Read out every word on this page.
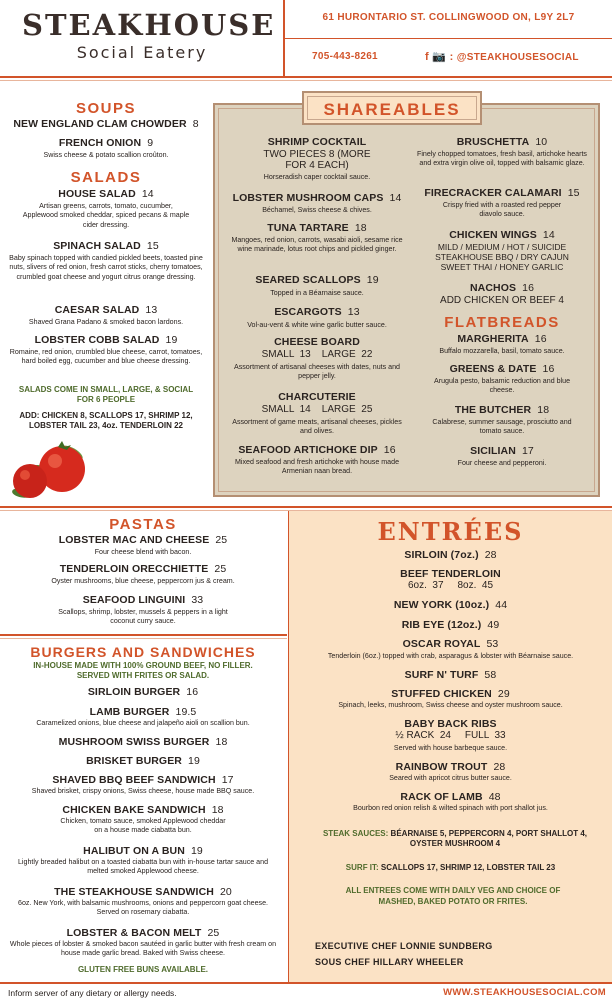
STEAKHOUSE
Social Eatery
61 HURONTARIO ST. COLLINGWOOD ON, L9Y 2L7
705-443-8261	f 📷 : @STEAKHOUSESOCIAL
SOUPS
NEW ENGLAND CLAM CHOWDER 8
FRENCH ONION 9
Swiss cheese & potato scallion croûton.
SALADS
HOUSE SALAD 14
Artisan greens, carrots, tomato, cucumber, Applewood smoked cheddar, spiced pecans & maple cider dressing.
SPINACH SALAD 15
Baby spinach topped with candied pickled beets, toasted pine nuts, slivers of red onion, fresh carrot sticks, cherry tomatoes, crumbled goat cheese and yogurt citrus orange dressing.
CAESAR SALAD 13
Shaved Grana Padano & smoked bacon lardons.
LOBSTER COBB SALAD 19
Romaine, red onion, crumbled blue cheese, carrot, tomatoes, hard boiled egg, cucumber and blue cheese dressing.
SALADS COME IN SMALL, LARGE, & SOCIAL FOR 6 PEOPLE
ADD: CHICKEN 8, SCALLOPS 17, SHRIMP 12, LOBSTER TAIL 23, 4oz. TENDERLOIN 22
SHAREABLES
SHRIMP COCKTAIL
TWO PIECES 8 (MORE FOR 4 EACH)
Horseradish caper cocktail sauce.
LOBSTER MUSHROOM CAPS 14
Béchamel, Swiss cheese & chives.
TUNA TARTARE 18
Mangoes, red onion, carrots, wasabi aioli, sesame rice wine marinade, lotus root chips and pickled ginger.
SEARED SCALLOPS 19
Topped in a Béarnaise sauce.
ESCARGOTS 13
Vol-au-vent & white wine garlic butter sauce.
CHEESE BOARD
SMALL  13    LARGE  22
Assortment of artisanal cheeses with dates, nuts and pepper jelly.
CHARCUTERIE
SMALL  14    LARGE  25
Assortment of game meats, artisanal cheeses, pickles and olives.
SEAFOOD ARTICHOKE DIP 16
Mixed seafood and fresh artichoke with house made Armenian naan bread.
BRUSCHETTA 10
Finely chopped tomatoes, fresh basil, artichoke hearts and extra virgin olive oil, topped with balsamic glaze.
FIRECRACKER CALAMARI 15
Crispy fried with a roasted red pepper diavolo sauce.
CHICKEN WINGS 14
MILD / MEDIUM / HOT / SUICIDE STEAKHOUSE BBQ / DRY CAJUN SWEET THAI / HONEY GARLIC
NACHOS 16
ADD CHICKEN OR BEEF 4
FLATBREADS
MARGHERITA 16
Buffalo mozzarella, basil, tomato sauce.
GREENS & DATE 16
Arugula pesto, balsamic reduction and blue cheese.
THE BUTCHER 18
Calabrese, summer sausage, prosciutto and tomato sauce.
SICILIAN 17
Four cheese and pepperoni.
PASTAS
LOBSTER MAC AND CHEESE 25
Four cheese blend with bacon.
TENDERLOIN ORECCHIETTE 25
Oyster mushrooms, blue cheese, peppercorn jus & cream.
SEAFOOD LINGUINI 33
Scallops, shrimp, lobster, mussels & peppers in a light coconut curry sauce.
BURGERS AND SANDWICHES
IN-HOUSE MADE WITH 100% GROUND BEEF, NO FILLER. SERVED WITH FRITES OR SALAD.
SIRLOIN BURGER 16
LAMB BURGER 19.5
Caramelized onions, blue cheese and jalapeño aioli on scallion bun.
MUSHROOM SWISS BURGER 18
BRISKET BURGER 19
SHAVED BBQ BEEF SANDWICH 17
Shaved brisket, crispy onions, Swiss cheese, house made BBQ sauce.
CHICKEN BAKE SANDWICH 18
Chicken, tomato sauce, smoked Applewood cheddar on a house made ciabatta bun.
HALIBUT ON A BUN 19
Lightly breaded halibut on a toasted ciabatta bun with in-house tartar sauce and melted smoked Applewood cheese.
THE STEAKHOUSE SANDWICH 20
6oz. New York, with balsamic mushrooms, onions and peppercorn goat cheese. Served on rosemary ciabatta.
LOBSTER & BACON MELT 25
Whole pieces of lobster & smoked bacon sautéed in garlic butter with fresh cream on house made garlic bread. Baked with Swiss cheese.
GLUTEN FREE BUNS AVAILABLE.
ENTRÉES
SIRLOIN (7oz.) 28
BEEF TENDERLOIN
6oz.  37     8oz.  45
NEW YORK (10oz.) 44
RIB EYE (12oz.) 49
OSCAR ROYAL 53
Tenderloin (6oz.) topped with crab, asparagus & lobster with Béarnaise sauce.
SURF N' TURF 58
STUFFED CHICKEN 29
Spinach, leeks, mushroom, Swiss cheese and oyster mushroom sauce.
BABY BACK RIBS
½ RACK  24     FULL  33
Served with house barbeque sauce.
RAINBOW TROUT 28
Seared with apricot citrus butter sauce.
RACK OF LAMB 48
Bourbon red onion relish & wilted spinach with port shallot jus.
STEAK SAUCES: BÉARNAISE 5, PEPPERCORN 4, PORT SHALLOT 4, OYSTER MUSHROOM 4
SURF IT: SCALLOPS 17, SHRIMP 12, LOBSTER TAIL 23
ALL ENTREES COME WITH DAILY VEG AND CHOICE OF MASHED, BAKED POTATO OR FRITES.
EXECUTIVE CHEF LONNIE SUNDBERG
SOUS CHEF HILLARY WHEELER
Inform server of any dietary or allergy needs.	WWW.STEAKHOUSESOCIAL.COM
